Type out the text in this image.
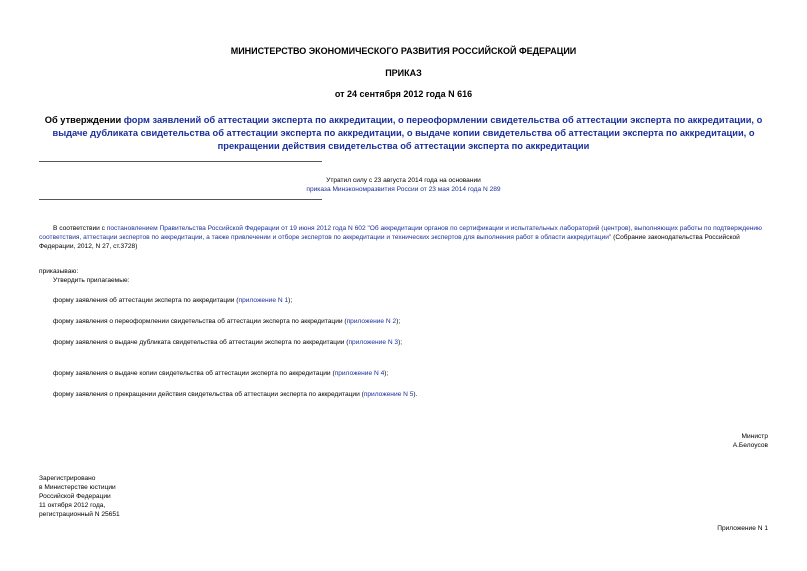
МИНИСТЕРСТВО ЭКОНОМИЧЕСКОГО РАЗВИТИЯ РОССИЙСКОЙ ФЕДЕРАЦИИ
ПРИКАЗ
от 24 сентября 2012 года N 616
Об утверждении форм заявлений об аттестации эксперта по аккредитации, о переоформлении свидетельства об аттестации эксперта по аккредитации, о выдаче дубликата свидетельства об аттестации эксперта по аккредитации, о выдаче копии свидетельства об аттестации эксперта по аккредитации, о прекращении действия свидетельства об аттестации эксперта по аккредитации
Утратил силу с 23 августа 2014 года на основании
приказа Минэкономразвития России от 23 мая 2014 года N 289
В соответствии с постановлением Правительства Российской Федерации от 19 июня 2012 года N 602 "Об аккредитации органов по сертификации и испытательных лабораторий (центров), выполняющих работы по подтверждению соответствия, аттестации экспертов по аккредитации, а также привлечении и отборе экспертов по аккредитации и технических экспертов для выполнения работ в области аккредитации" (Собрание законодательства Российской Федерации, 2012, N 27, ст.3728)
приказываю:
Утвердить прилагаемые:
форму заявления об аттестации эксперта по аккредитации (приложение N 1);
форму заявления о переоформлении свидетельства об аттестации эксперта по аккредитации (приложение N 2);
форму заявления о выдаче дубликата свидетельства об аттестации эксперта по аккредитации (приложение N 3);
форму заявления о выдаче копии свидетельства об аттестации эксперта по аккредитации (приложение N 4);
форму заявления о прекращении действия свидетельства об аттестации эксперта по аккредитации (приложение N 5).
Министр
А.Белоусов
Зарегистрировано
в Министерстве юстиции
Российской Федерации
11 октября 2012 года,
регистрационный N 25651
Приложение N 1
